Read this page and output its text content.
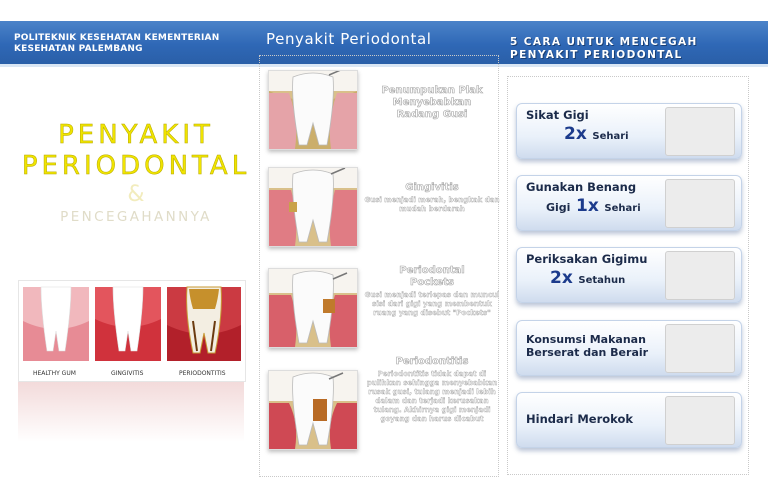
POLITEKNIK KESEHATAN KEMENTERIAN
KESEHATAN PALEMBANG
Penyakit Periodontal	5 CARA UNTUK MENCEGAH
PENYAKIT PERIODONTAL
PENYAKIT
PERIODONTAL
&
PENCEGAHANNYA
HEALTHY GUM	GINGIVITIS	PERIODONTITIS
Penumpukan Plak
Menyebabkan
Radang Gusi
Gingivitis
Gusi menjadi merah, bengkak dan mudah berdarah
Periodontal
Pockets
Gusi menjadi terlepas dan muncul sisi dari gigi yang membentuk ruang yang disebut "Pockets"
Periodontitis
Periodontitis tidak dapat di pulihkan sehingga menyebabkan rusak gusi, tulang menjadi lebih dalam dan terjadi kerusakan tulang. Akhirnya gigi menjadi goyang dan harus dicabut
Sikat Gigi
2x Sehari
Gunakan Benang
Gigi 1x Sehari
Periksakan Gigimu
2x Setahun
Konsumsi Makanan
Berserat dan Berair
Hindari Merokok
